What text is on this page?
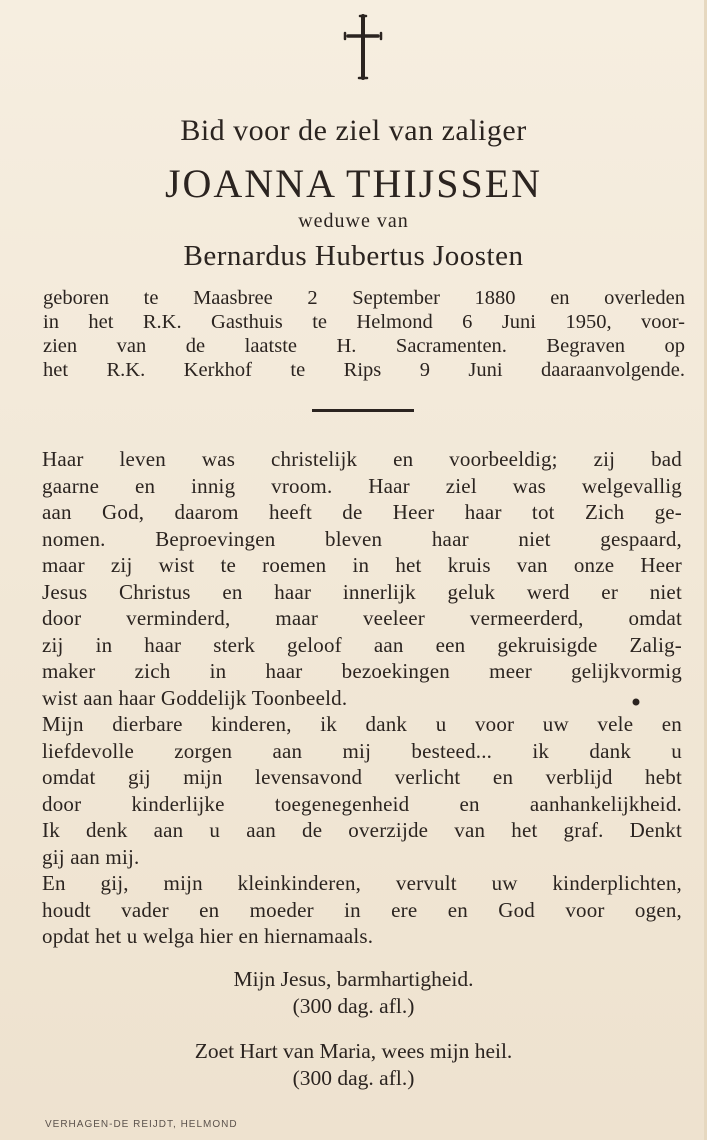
Bid voor de ziel van zaliger
JOANNA THIJSSEN
weduwe van
Bernardus Hubertus Joosten
geboren te Maasbree 2 September 1880 en overleden
in het R.K. Gasthuis te Helmond 6 Juni 1950, voor-
zien van de laatste H. Sacramenten. Begraven op
het R.K. Kerkhof te Rips 9 Juni daaraanvolgende.
Haar leven was christelijk en voorbeeldig; zij bad
gaarne en innig vroom. Haar ziel was welgevallig
aan God, daarom heeft de Heer haar tot Zich ge-
nomen. Beproevingen bleven haar niet gespaard,
maar zij wist te roemen in het kruis van onze Heer
Jesus Christus en haar innerlijk geluk werd er niet
door verminderd, maar veeleer vermeerderd, omdat
zij in haar sterk geloof aan een gekruisigde Zalig-
maker zich in haar bezoekingen meer gelijkvormig
wist aan haar Goddelijk Toonbeeld.
Mijn dierbare kinderen, ik dank u voor uw vele en
liefdevolle zorgen aan mij besteed... ik dank u
omdat gij mijn levensavond verlicht en verblijd hebt
door kinderlijke toegenegenheid en aanhankelijkheid.
Ik denk aan u aan de overzijde van het graf. Denkt
gij aan mij.
En gij, mijn kleinkinderen, vervult uw kinderplichten,
houdt vader en moeder in ere en God voor ogen,
opdat het u welga hier en hiernamaals.
Mijn Jesus, barmhartigheid.
(300 dag. afl.)
Zoet Hart van Maria, wees mijn heil.
(300 dag. afl.)
VERHAGEN-DE REIJDT, HELMOND
